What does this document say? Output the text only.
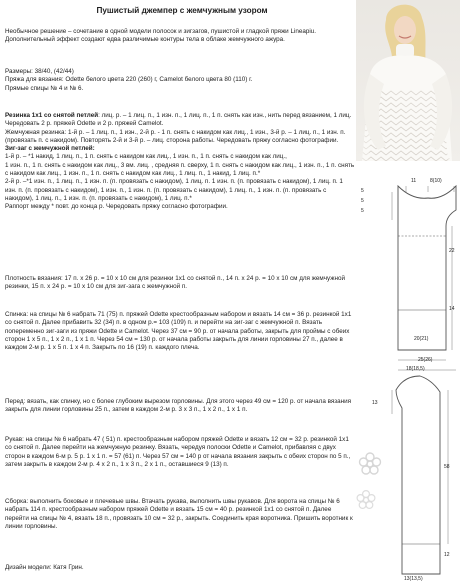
Пушистый джемпер с жемчужным узором

Необычное решение – сочетание в одной модели полосок и зигзагов, пушистой и гладкой пряжи Lineapiu. Дополнительный эффект создают едва различимые контуры тела в облаке жемчужного ажура.

Размеры: 38/40, (42/44)

Пряжа для вязания: Odette белого цвета 220 (260) г, Camelot белого цвета 80 (110) г.

Прямые спицы № 4 и № 6.

Резинка 1x1 со снятой петлей: лиц. р. – 1 лиц. п., 1 изн. п., 1 лиц. п., 1 п. снять как изн., нить перед вязанием, 1 лиц. Чередовать 2 р. пряжей Odette и 2 р. пряжей Camelot.

Жемчужная резинка: 1-й р. – 1 лиц. п., 1 изн., 2-й р. - 1 п. снять с накидом как лиц., 1 изн., 3-й р. – 1 лиц. п., 1 изн. п. (провязать п. с накидом). Повторять 2-й и 3-й р. – лиц. сторона работы. Чередовать пряжу согласно фотографии.

Зиг-заг с жемчужной петлей:

1-й р. – *1 накид, 1 лиц. п., 1 п. снять с накидом как лиц., 1 изн. п., 1 п. снять с накидом как лиц.,

1 изн. п., 1 п. снять с накидом как лиц., 3 вм. лиц. , средняя п. сверху, 1 п. снять с накидом как лиц., 1 изн. п., 1 п. снять с накидом как лиц., 1 изн. п., 1 п. снять с накидом как лиц., 1 лиц. п., 1 накид, 1 лиц. п.*

2-й р. –*1 изн. п., 1 лиц. п., 1 изн. п. (п. провязать с накидом), 1 лиц. п. 1 изн. п. (п. провязать с накидом), 1 лиц. п. 1 изн. п. (п. провязать с накидом), 1 изн. п., 1 изн. п. (п. провязать с накидом), 1 лиц. п., 1 изн. п. (п. провязать с накидом), 1 лиц. п., 1 изн. п. (п. провязать с накидом), 1 лиц. п.*

Раппорт между * повт. до конца р. Чередовать пряжу согласно фотографии.

Плотность вязания: 17 п. х 26 р. = 10 х 10 см для резинки 1x1 со снятой п., 14 п. х 24 р. = 10 х 10 см для жемчужной резинки, 15 п. х 24 р. = 10 х 10 см для зиг-зага с жемчужной п.

Спинка: на спицы № 6 набрать 71 (75) п. пряжей Odette крестообразным набором и вязать 14 см = 36 р. резинкой 1x1 со снятой п. Далее прибавить 32 (34) п. в одном р.= 103 (109) п. и перейти на зиг-заг с жемчужной п. Вязать попеременно зиг-заги из пряжи Odette и Camelot. Через 37 см = 90 р. от начала работы, закрыть для проймы с обеих сторон 1 x 5 п., 1 x 2 п., 1 x 1 п. Через 54 см = 130 р. от начала работы закрыть для линии горловины 27 п., далее в каждом 2-м р. 1 x 5 п. 1 x 4 п. Закрыть по 16 (19) п. каждого плеча.

Перед: вязать, как спинку, но с более глубоким вырезом горловины. Для этого через 49 см = 120 р. от начала вязания закрыть для линии горловины 25 п., затем в каждом 2-м р. 3 x 3 п., 1 x 2 п., 1 x 1 п.

Рукав: на спицы № 6 набрать 47 ( 51) п. крестообразным набором пряжей Odette и вязать 12 см = 32 р. резинкой 1x1 со снятой п. Далее перейти на жемчужную резинку. Вязать, чередуя полоски Odette и Camelot, прибавляя с двух сторон в каждом 6-м р. 5 р. 1 x 1 п. = 57 (61) п. Через 57 см = 140 р от начала вязания закрыть с обеих сторон по 5 п., затем закрыть в каждом 2-м р. 4 x 2 п., 1 x 3 п., 2 x 1 п., оставшиеся 9 (13) п.

Сборка: выполнить боковые и плечевые швы. Втачать рукава, выполнить швы рукавов. Для ворота на спицы № 6 набрать 114 п. крестообразным набором пряжей Odette и вязать 15 см = 40 р. резинкой 1x1 со снятой п. Далее перейти на спицы № 4, вязать 18 п., провязать 10 см = 32 р., закрыть. Соединить края воротника. Пришить воротник к линии горловины.

Дизайн модели: Катя Грин.

11	8(10)
5
5
5
22
14
20(21)
25(26)
18(18,5)
13
58
12
13(13,5)
